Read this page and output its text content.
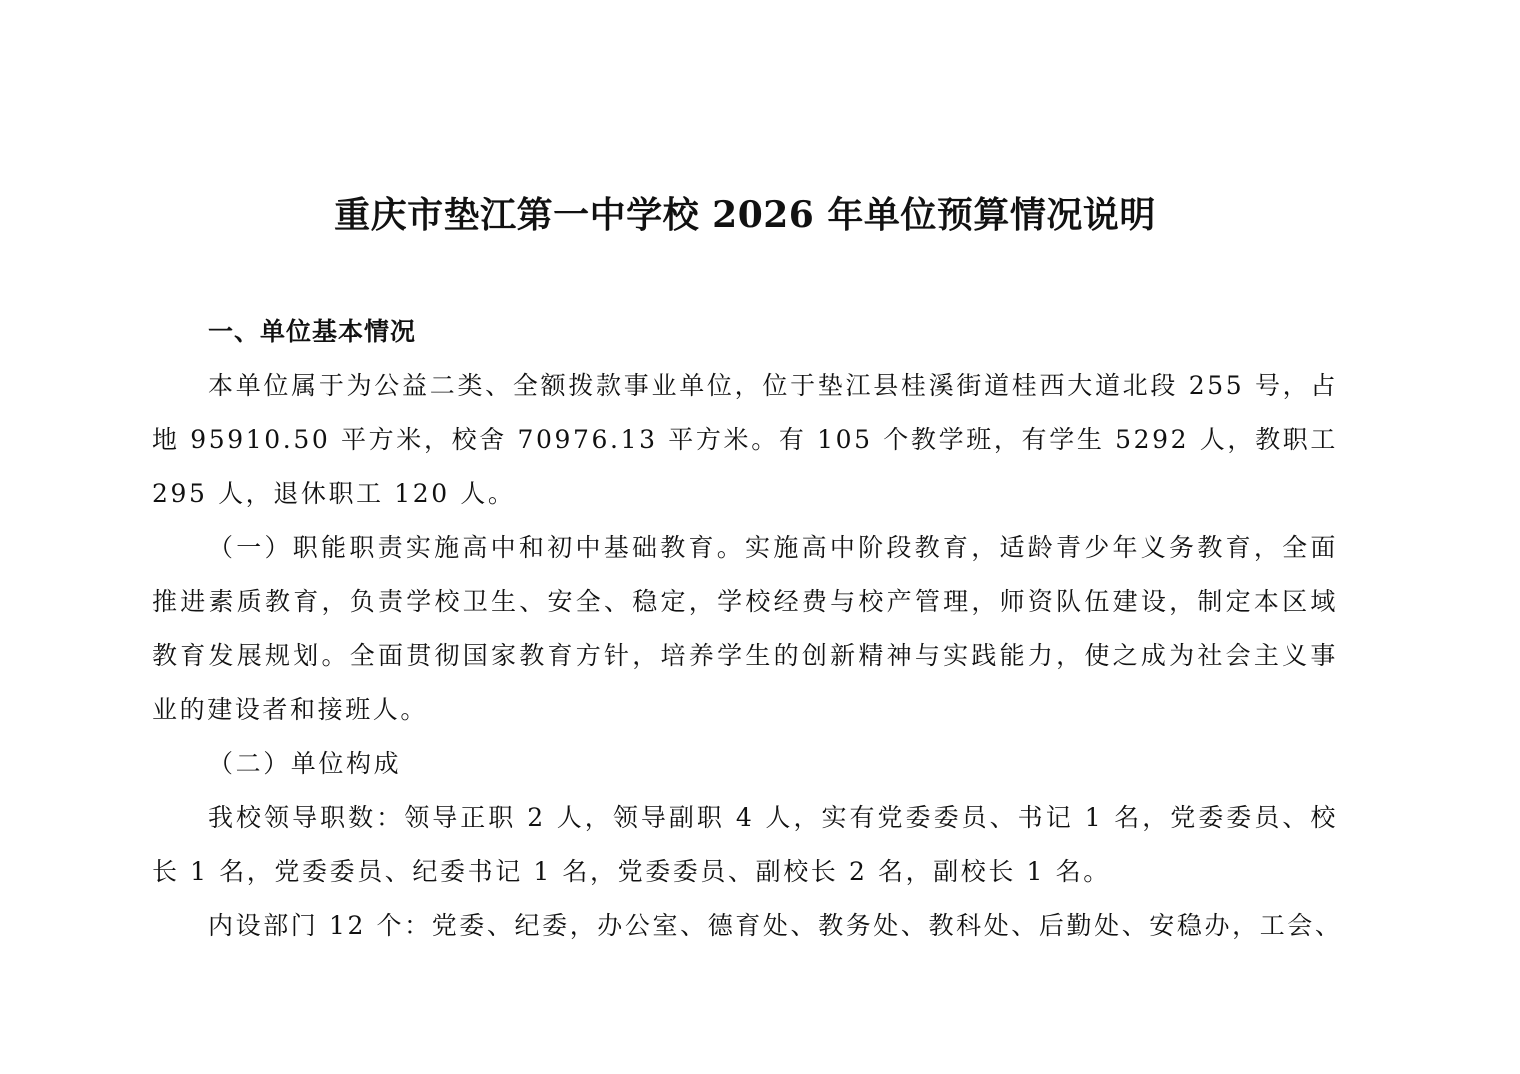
重庆市垫江第一中学校 2026 年单位预算情况说明

一、单位基本情况

本单位属于为公益二类、全额拨款事业单位，位于垫江县桂溪街道桂西大道北段 255 号，占地 95910.50 平方米，校舍 70976.13 平方米。有 105 个教学班，有学生 5292 人，教职工 295 人，退休职工 120 人。

（一）职能职责实施高中和初中基础教育。实施高中阶段教育，适龄青少年义务教育，全面推进素质教育，负责学校卫生、安全、稳定，学校经费与校产管理，师资队伍建设，制定本区域教育发展规划。全面贯彻国家教育方针，培养学生的创新精神与实践能力，使之成为社会主义事业的建设者和接班人。

（二）单位构成

我校领导职数：领导正职 2 人，领导副职 4 人，实有党委委员、书记 1 名，党委委员、校长 1 名，党委委员、纪委书记 1 名，党委委员、副校长 2 名，副校长 1 名。

内设部门 12 个：党委、纪委，办公室、德育处、教务处、教科处、后勤处、安稳办，工会、
